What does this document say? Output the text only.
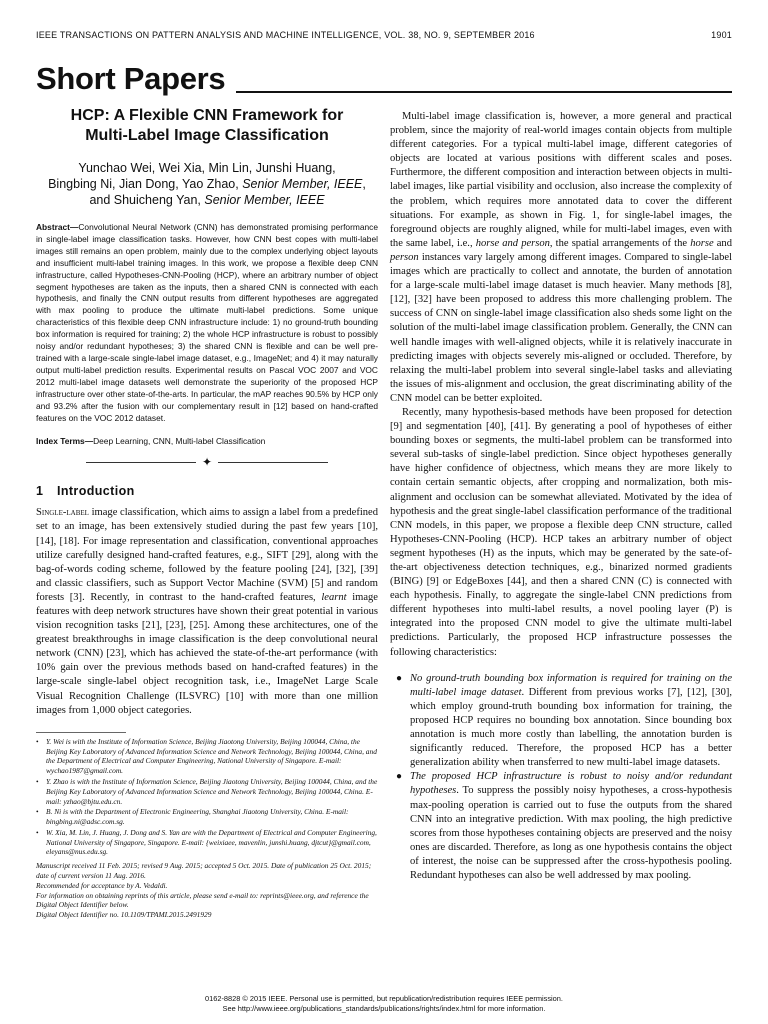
IEEE TRANSACTIONS ON PATTERN ANALYSIS AND MACHINE INTELLIGENCE, VOL. 38, NO. 9, SEPTEMBER 2016	1901
Short Papers
HCP: A Flexible CNN Framework for
Multi-Label Image Classification
Yunchao Wei, Wei Xia, Min Lin, Junshi Huang,
Bingbing Ni, Jian Dong, Yao Zhao, Senior Member, IEEE,
and Shuicheng Yan, Senior Member, IEEE
Abstract—Convolutional Neural Network (CNN) has demonstrated promising performance in single-label image classification tasks. However, how CNN best copes with multi-label images still remains an open problem, mainly due to the complex underlying object layouts and insufficient multi-label training images. In this work, we propose a flexible deep CNN infrastructure, called Hypotheses-CNN-Pooling (HCP), where an arbitrary number of object segment hypotheses are taken as the inputs, then a shared CNN is connected with each hypothesis, and finally the CNN output results from different hypotheses are aggregated with max pooling to produce the ultimate multi-label predictions. Some unique characteristics of this flexible deep CNN infrastructure include: 1) no ground-truth bounding box information is required for training; 2) the whole HCP infrastructure is robust to possibly noisy and/or redundant hypotheses; 3) the shared CNN is flexible and can be well pre-trained with a large-scale single-label image dataset, e.g., ImageNet; and 4) it may naturally output multi-label prediction results. Experimental results on Pascal VOC 2007 and VOC 2012 multi-label image datasets well demonstrate the superiority of the proposed HCP infrastructure over other state-of-the-arts. In particular, the mAP reaches 90.5% by HCP only and 93.2% after the fusion with our complementary result in [12] based on hand-crafted features on the VOC 2012 dataset.
Index Terms—Deep Learning, CNN, Multi-label Classification
✦
1 Introduction

Single-label image classification, which aims to assign a label from a predefined set to an image, has been extensively studied during the past few years [10], [14], [18]. For image representation and classification, conventional approaches utilize carefully designed hand-crafted features, e.g., SIFT [29], along with the bag-of-words coding scheme, followed by the feature pooling [24], [32], [39] and classic classifiers, such as Support Vector Machine (SVM) [5] and random forests [3]. Recently, in contrast to the hand-crafted features, learnt image features with deep network structures have shown their great potential in various vision recognition tasks [21], [23], [25]. Among these architectures, one of the greatest breakthroughs in image classification is the deep convolutional neural network (CNN) [23], which has achieved the state-of-the-art performance (with 10% gain over the previous methods based on hand-crafted features) in the large-scale single-label object recognition task, i.e., ImageNet Large Scale Visual Recognition Challenge (ILSVRC) [10] with more than one million images from 1,000 object categories.

• Y. Wei is with the Institute of Information Science, Beijing Jiaotong University, Beijing 100044, China, the Beijing Key Laboratory of Advanced Information Science and Network Technology, Beijing 100044, China, and the Department of Electrical and Computer Engineering, National University of Singapore. E-mail: wychao1987@gmail.com.
• Y. Zhao is with the Institute of Information Science, Beijing Jiaotong University, Beijing 100044, China, and the Beijing Key Laboratory of Advanced Information Science and Network Technology, Beijing 100044, China. E-mail: yzhao@bjtu.edu.cn.
• B. Ni is with the Department of Electronic Engineering, Shanghai Jiaotong University, China. E-mail: bingbing.ni@adsc.com.sg.
• W. Xia, M. Lin, J. Huang, J. Dong and S. Yan are with the Department of Electrical and Computer Engineering, National University of Singapore, Singapore. E-mail: {weixiaee, mavenlin, junshi.huang, djtcut}@gmail.com, eleyans@nus.edu.sg.
Manuscript received 11 Feb. 2015; revised 9 Aug. 2015; accepted 5 Oct. 2015. Date of publication 25 Oct. 2015; date of current version 11 Aug. 2016.
Recommended for acceptance by A. Vedaldi.
For information on obtaining reprints of this article, please send e-mail to: reprints@ieee.org, and reference the Digital Object Identifier below.
Digital Object Identifier no. 10.1109/TPAMI.2015.2491929

Multi-label image classification is, however, a more general and practical problem, since the majority of real-world images contain objects from multiple different categories. For a typical multi-label image, different categories of objects are located at various positions with different scales and poses. Furthermore, the different composition and interaction between objects in multi-label images, like partial visibility and occlusion, also increase the complexity of the problem, which requires more annotated data to cover the different situations. For example, as shown in Fig. 1, for single-label images, the foreground objects are roughly aligned, while for multi-label images, even with the same label, i.e., horse and person, the spatial arrangements of the horse and person instances vary largely among different images. Compared to single-label images which are practically to collect and annotate, the burden of annotation for a large-scale multi-label image dataset is much heavier. Many methods [8], [12], [32] have been proposed to address this more challenging problem. The success of CNN on single-label image classification also sheds some light on the solution of the multi-label image classification problem. Generally, the CNN can well handle images with well-aligned objects, while it is relatively inaccurate in predicting images with objects severely mis-aligned or occluded. Therefore, by relaxing the multi-label problem into several single-label tasks and alleviating the issues of mis-alignment and occlusion, the great discriminating ability of the CNN model can be better exploited.

Recently, many hypothesis-based methods have been proposed for detection [9] and segmentation [40], [41]. By generating a pool of hypotheses of either bounding boxes or segments, the multi-label problem can be transformed into several sub-tasks of single-label prediction. Since object hypotheses generally have higher confidence of objectness, which means they are more likely to contain certain semantic objects, after cropping and normalization, both mis-alignment and occlusion can be somewhat alleviated. Motivated by the idea of hypothesis and the great single-label classification performance of the traditional CNN models, in this paper, we propose a flexible deep CNN structure, called Hypotheses-CNN-Pooling (HCP). HCP takes an arbitrary number of object segment hypotheses (H) as the inputs, which may be generated by the sate-of-the-art objectiveness detection techniques, e.g., binarized normed gradients (BING) [9] or EdgeBoxes [44], and then a shared CNN (C) is connected with each hypothesis. Finally, to aggregate the single-label CNN predictions from different hypotheses into multi-label results, a novel pooling layer (P) is integrated into the proposed CNN model to give the ultimate multi-label predictions. Particularly, the proposed HCP infrastructure possesses the following characteristics:

● No ground-truth bounding box information is required for training on the multi-label image dataset. Different from previous works [7], [12], [30], which employ ground-truth bounding box information for training, the proposed HCP requires no bounding box annotation. Since bounding box annotation is much more costly than labelling, the annotation burden is significantly reduced. Therefore, the proposed HCP has a better generalization ability when transferred to new multi-label image datasets.
● The proposed HCP infrastructure is robust to noisy and/or redundant hypotheses. To suppress the possibly noisy hypotheses, a cross-hypothesis max-pooling operation is carried out to fuse the outputs from the shared CNN into an integrative prediction. With max pooling, the high predictive scores from those hypotheses containing objects are preserved and the noisy ones are discarded. Therefore, as long as one hypothesis contains the object of interest, the noise can be suppressed after the cross-hypothesis pooling. Redundant hypotheses can also be well addressed by max pooling.
0162-8828 © 2015 IEEE. Personal use is permitted, but republication/redistribution requires IEEE permission.
See http://www.ieee.org/publications_standards/publications/rights/index.html for more information.
